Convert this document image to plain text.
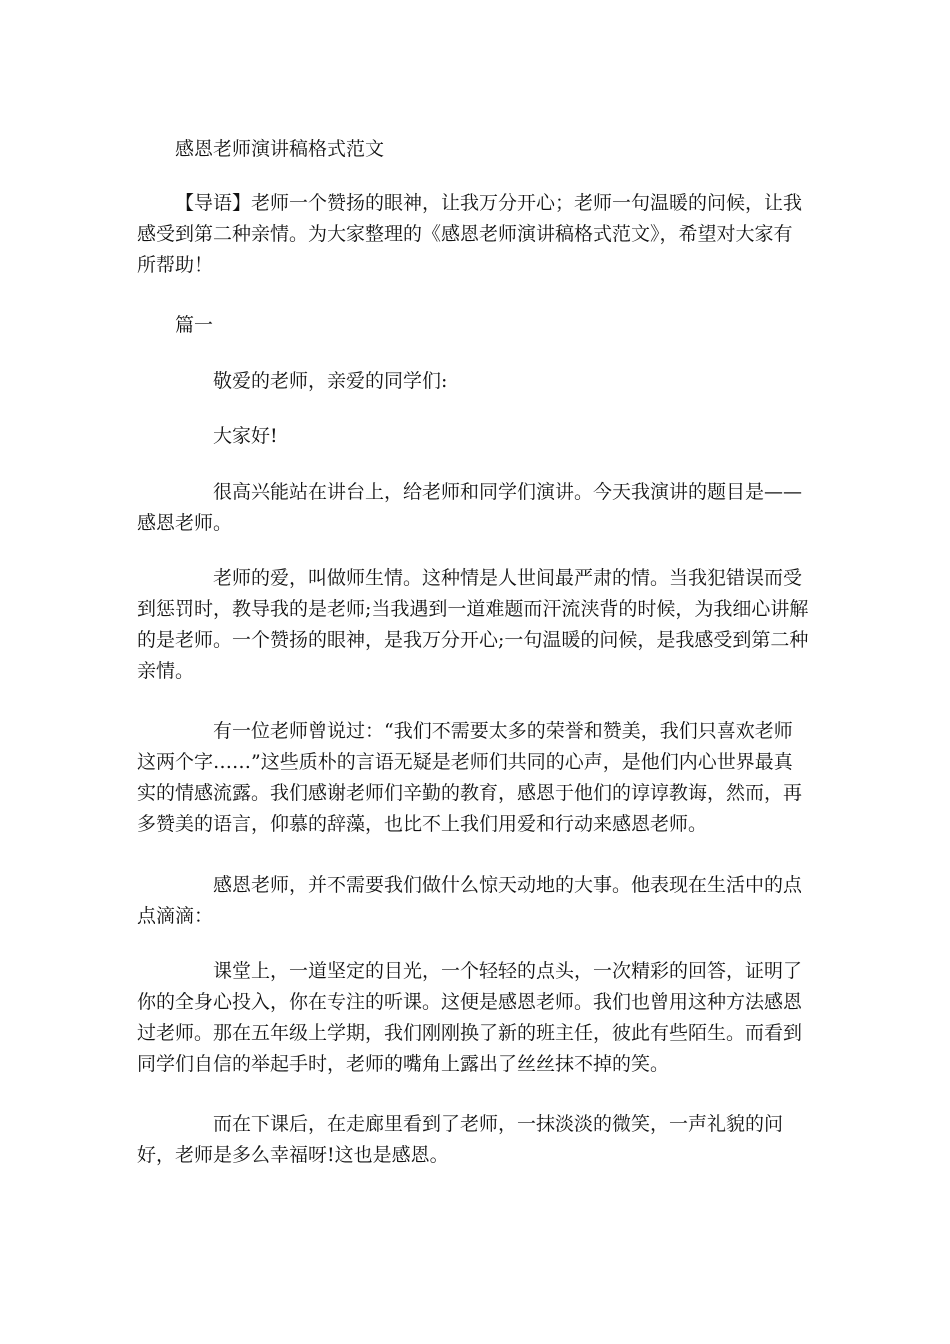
感恩老师演讲稿格式范文

【导语】老师一个赞扬的眼神，让我万分开心；老师一句温暖的问候，让我感受到第二种亲情。为大家整理的《感恩老师演讲稿格式范文》，希望对大家有所帮助！

篇一

敬爱的老师，亲爱的同学们:

大家好!

很高兴能站在讲台上，给老师和同学们演讲。今天我演讲的题目是——感恩老师。

老师的爱，叫做师生情。这种情是人世间最严肃的情。当我犯错误而受到惩罚时，教导我的是老师;当我遇到一道难题而汗流浃背的时候，为我细心讲解的是老师。一个赞扬的眼神，是我万分开心;一句温暖的问候，是我感受到第二种亲情。

有一位老师曾说过：“我们不需要太多的荣誉和赞美，我们只喜欢老师这两个字……”这些质朴的言语无疑是老师们共同的心声，是他们内心世界最真实的情感流露。我们感谢老师们辛勤的教育，感恩于他们的谆谆教诲，然而，再多赞美的语言，仰慕的辞藻，也比不上我们用爱和行动来感恩老师。

感恩老师，并不需要我们做什么惊天动地的大事。他表现在生活中的点点滴滴：

课堂上，一道坚定的目光，一个轻轻的点头，一次精彩的回答，证明了你的全身心投入，你在专注的听课。这便是感恩老师。我们也曾用这种方法感恩过老师。那在五年级上学期，我们刚刚换了新的班主任，彼此有些陌生。而看到同学们自信的举起手时，老师的嘴角上露出了丝丝抹不掉的笑。

而在下课后，在走廊里看到了老师，一抹淡淡的微笑，一声礼貌的问好，老师是多么幸福呀!这也是感恩。
